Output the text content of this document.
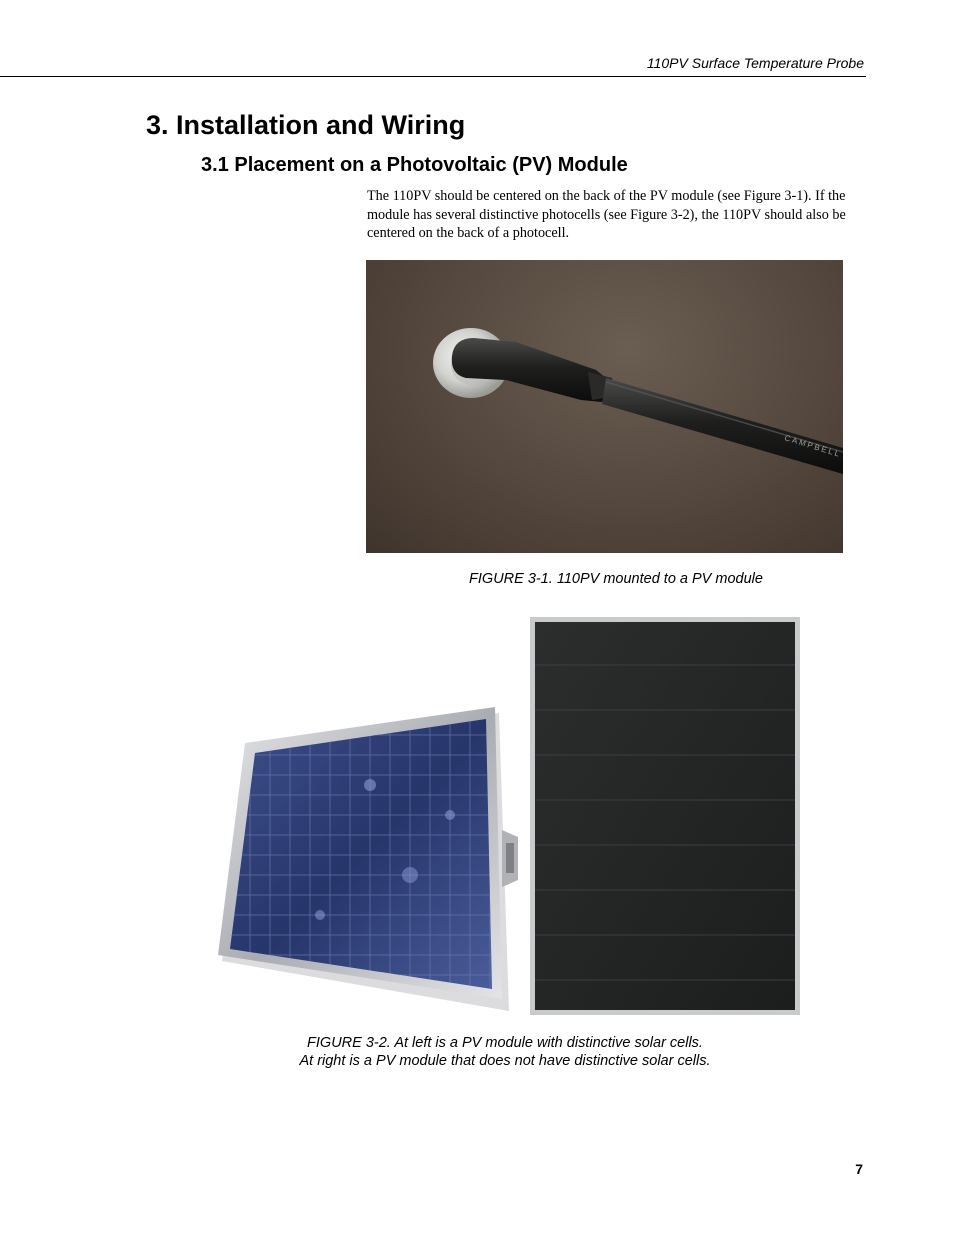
110PV Surface Temperature Probe
3. Installation and Wiring
3.1 Placement on a Photovoltaic (PV) Module

The 110PV should be centered on the back of the PV module (see Figure 3-1). If the module has several distinctive photocells (see Figure 3-2), the 110PV should also be centered on the back of a photocell.

CAMPBELL
FIGURE 3-1. 110PV mounted to a PV module
FIGURE 3-2. At left is a PV module with distinctive solar cells.
At right is a PV module that does not have distinctive solar cells.
7
